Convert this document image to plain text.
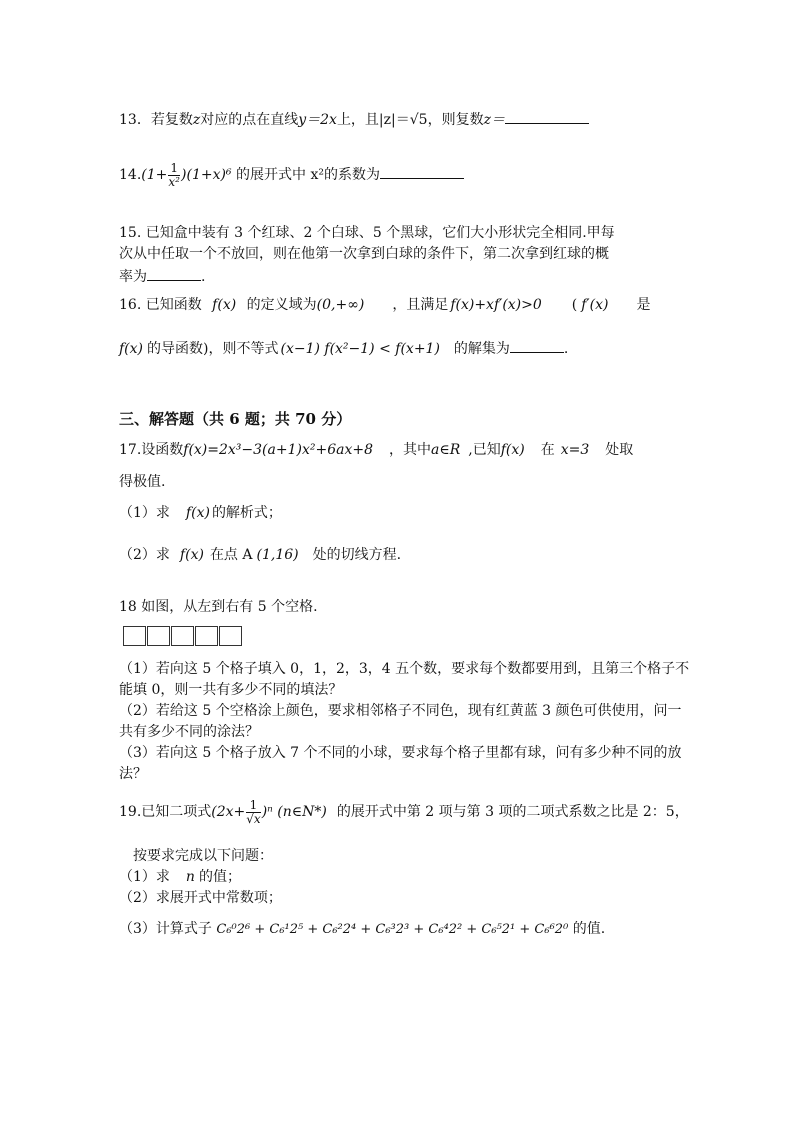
13．若复数z对应的点在直线y＝2x上，且|z|＝√5，则复数z＝
$14.(1+ \frac{1}{\text{x²}} )(1+x)^6$ 的展开式中 x²的系数为
15. 已知盒中装有 3 个红球、2 个白球、5 个黑球，它们大小形状完全相同.甲每
次从中任取一个不放回，则在他第一次拿到白球的条件下，第二次拿到红球的概
率为	.
16. 已知函数 f(x) 的定义域为(0,+∞) ，且满足 f(x)+xf′(x)>0 ( f′(x) 是
f(x) 的导函数)，则不等式 (x−1) f(x²−1) < f(x+1) 的解集为	.
三、解答题（共 6 题；共 70 分）
17.设函数f(x)=2x³−3(a+1)x²+6ax+8 ，其中a∈R ,已知f(x) 在 x=3 处取
得极值.
（1）求 f(x) 的解析式；
（2）求 f(x) 在点 A (1,16) 处的切线方程.
18 如图，从左到右有 5 个空格.
（1）若向这 5 个格子填入 0，1，2，3，4 五个数，要求每个数都要用到，且第三个格子不
能填 0，则一共有多少不同的填法？
（2）若给这 5 个空格涂上颜色，要求相邻格子不同色，现有红黄蓝 3 颜色可供使用，问一
共有多少不同的涂法？
（3）若向这 5 个格子放入 7 个不同的小球，要求每个格子里都有球，问有多少种不同的放
法？
19.已知二项式$(2x+ \frac{1}{√x} )^n$ (n∈N*) 的展开式中第 2 项与第 3 项的二项式系数之比是 2：5，
按要求完成以下问题：
（1）求 n 的值；
（2）求展开式中常数项；
（3）计算式子 C₆⁰2⁶ + C₆¹2⁵ + C₆²2⁴ + C₆³2³ + C₆⁴2² + C₆⁵2¹ + C₆⁶2⁰ 的值.
